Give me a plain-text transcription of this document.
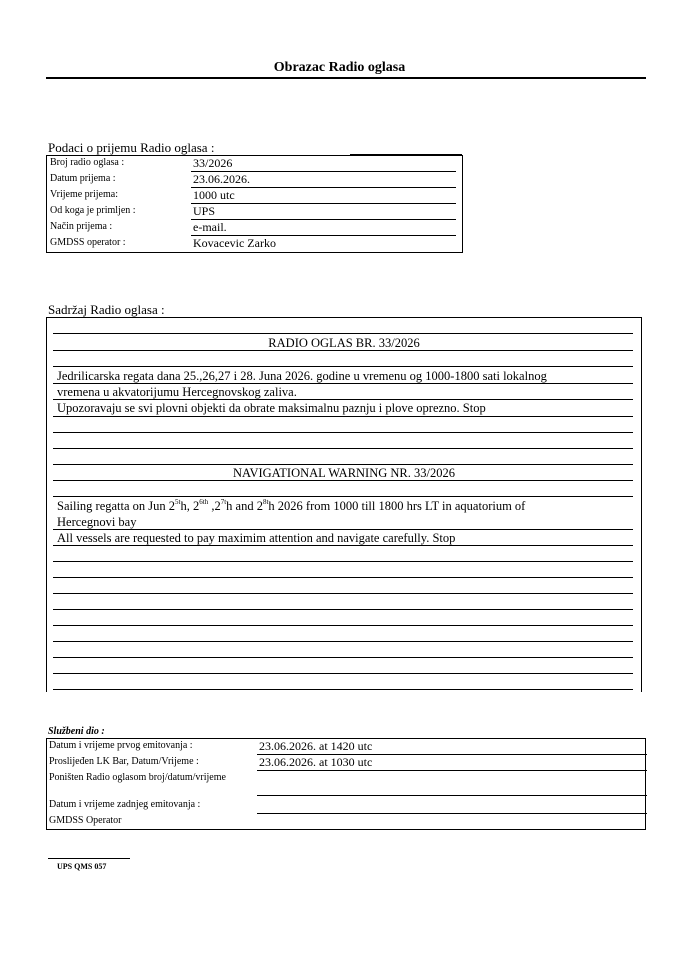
Obrazac Radio oglasa
Podaci o prijemu Radio oglasa :
Broj radio oglasa :	33/2026
Datum prijema :	23.06.2026.
Vrijeme prijema:	1000 utc
Od koga je primljen :	UPS
Način prijema :	e-mail.
GMDSS operator :	Kovacevic Zarko
Sadržaj Radio oglasa :
RADIO OGLAS BR. 33/2026
Jedrilicarska regata dana 25.,26,27 i 28. Juna 2026. godine u vremenu og 1000-1800 sati lokalnog
vremena u akvatorijumu Hercegnovskog zaliva.
Upozoravaju se svi plovni objekti da obrate maksimalnu paznju i plove oprezno. Stop
NAVIGATIONAL WARNING NR. 33/2026
Sailing regatta on Jun $2^{5t}h$, $2^{6th}$ $,2^{7t}h$ and $2^{8t}h$ 2026 from 1000 till 1800 hrs LT in aquatorium of
Hercegnovi bay
All vessels are requested to pay maximim attention and navigate carefully. Stop
Službeni dio :
Datum i vrijeme prvog emitovanja :	23.06.2026. at 1420 utc
Proslijeđen LK Bar, Datum/Vrijeme :	23.06.2026. at 1030 utc
Poništen Radio oglasom broj/datum/vrijeme
Datum i vrijeme zadnjeg emitovanja :
GMDSS Operator
UPS QMS 057
